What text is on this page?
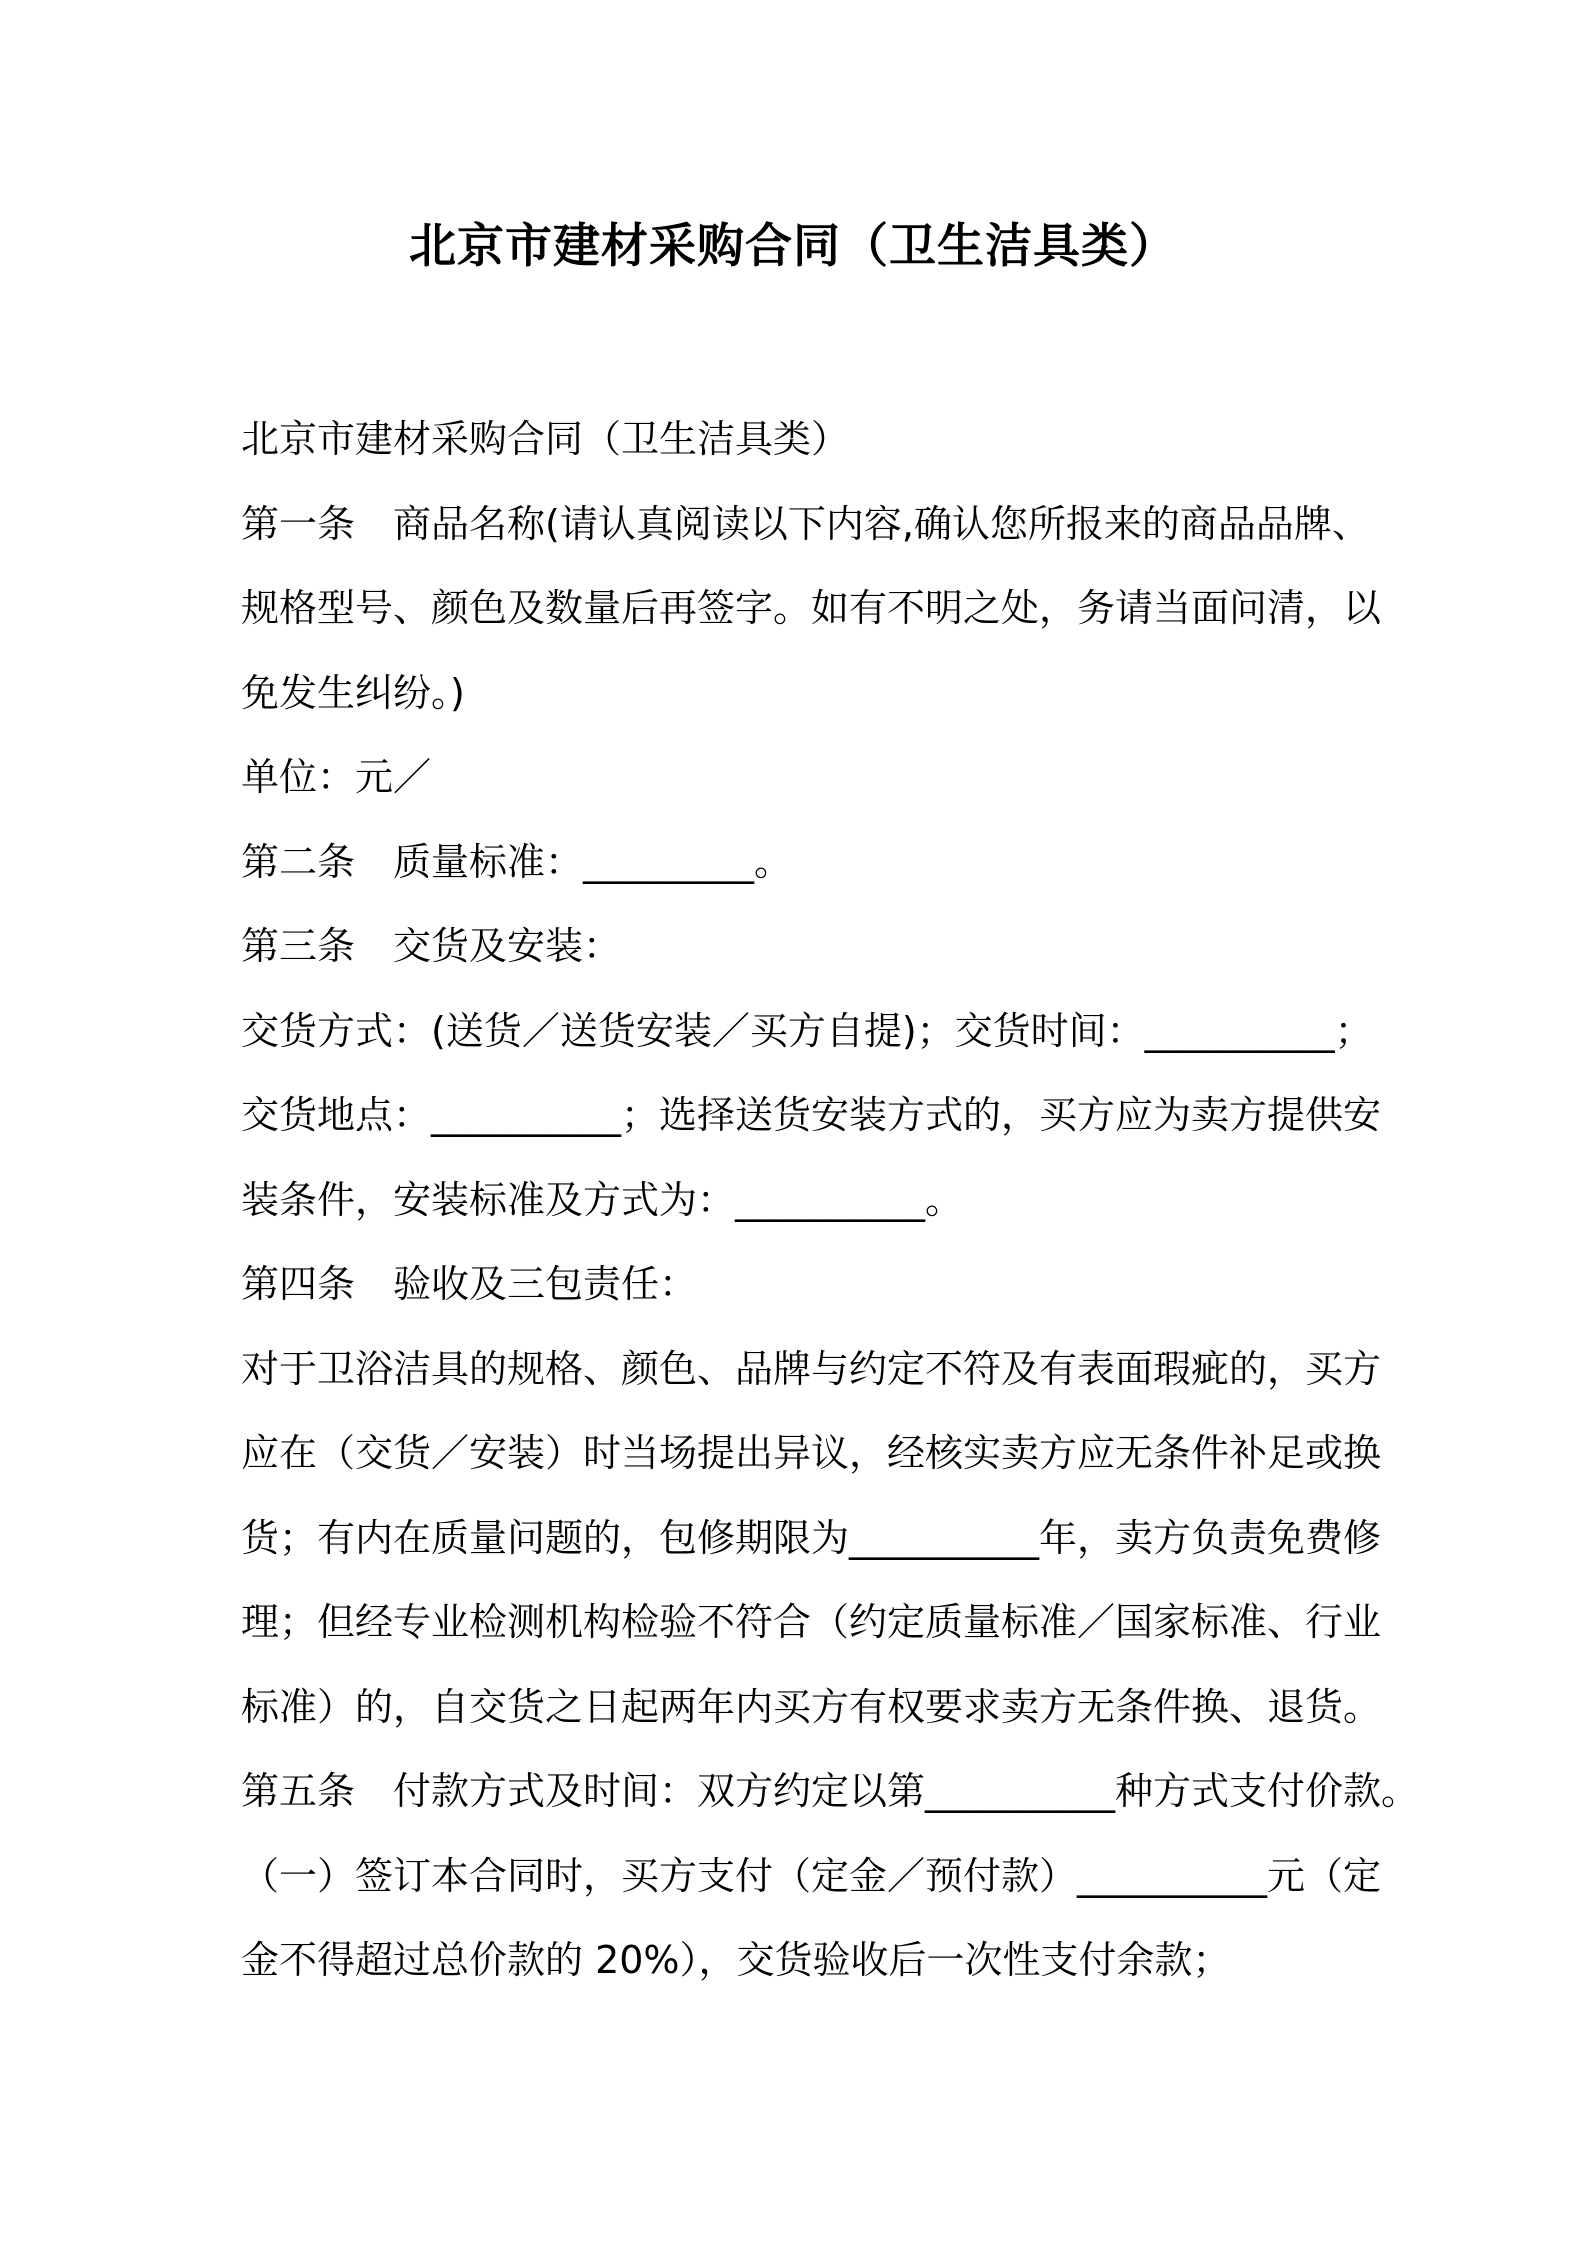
北京市建材采购合同（卫生洁具类）
北京市建材采购合同（卫生洁具类）
第一条　商品名称(请认真阅读以下内容,确认您所报来的商品品牌、
规格型号、颜色及数量后再签字。如有不明之处，务请当面问清，以
免发生纠纷。)
单位：元／
第二条　质量标准：_________。
第三条　交货及安装：
交货方式：(送货／送货安装／买方自提)；交货时间：__________；
交货地点：__________；选择送货安装方式的，买方应为卖方提供安
装条件，安装标准及方式为：__________。
第四条　验收及三包责任：
对于卫浴洁具的规格、颜色、品牌与约定不符及有表面瑕疵的，买方
应在（交货／安装）时当场提出异议，经核实卖方应无条件补足或换
货；有内在质量问题的，包修期限为__________年，卖方负责免费修
理；但经专业检测机构检验不符合（约定质量标准／国家标准、行业
标准）的，自交货之日起两年内买方有权要求卖方无条件换、退货。
第五条　付款方式及时间：双方约定以第__________种方式支付价款。
（一）签订本合同时，买方支付（定金／预付款）__________元（定
金不得超过总价款的 20%），交货验收后一次性支付余款；
